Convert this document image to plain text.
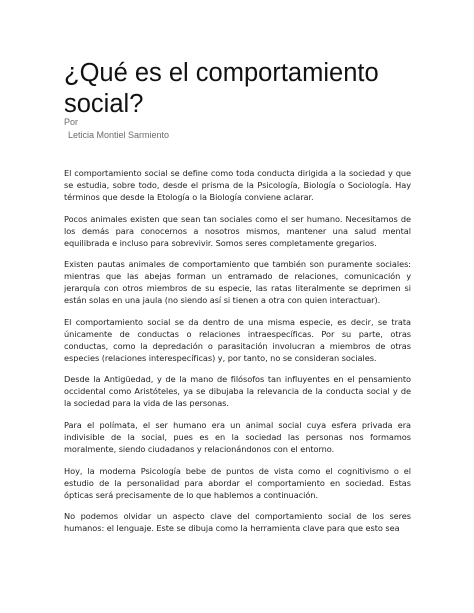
¿Qué es el comportamiento social?
Por
Leticia Montiel Sarmiento

El comportamiento social se define como toda conducta dirigida a la sociedad y que se estudia, sobre todo, desde el prisma de la Psicología, Biología o Sociología. Hay términos que desde la Etología o la Biología conviene aclarar.

Pocos animales existen que sean tan sociales como el ser humano. Necesitamos de los demás para conocernos a nosotros mismos, mantener una salud mental equilibrada e incluso para sobrevivir. Somos seres completamente gregarios.

Existen pautas animales de comportamiento que también son puramente sociales: mientras que las abejas forman un entramado de relaciones, comunicación y jerarquía con otros miembros de su especie, las ratas literalmente se deprimen si están solas en una jaula (no siendo así si tienen a otra con quien interactuar).

El comportamiento social se da dentro de una misma especie, es decir, se trata únicamente de conductas o relaciones intraespecíficas. Por su parte, otras conductas, como la depredación o parasitación involucran a miembros de otras especies (relaciones interespecíficas) y, por tanto, no se consideran sociales.

Desde la Antigüedad, y de la mano de filósofos tan influyentes en el pensamiento occidental como Aristóteles, ya se dibujaba la relevancia de la conducta social y de la sociedad para la vida de las personas.

Para el polímata, el ser humano era un animal social cuya esfera privada era indivisible de la social, pues es en la sociedad las personas nos formamos moralmente, siendo ciudadanos y relacionándonos con el entorno.

Hoy, la moderna Psicología bebe de puntos de vista como el cognitivismo o el estudio de la personalidad para abordar el comportamiento en sociedad. Estas ópticas será precisamente de lo que hablemos a continuación.

No podemos olvidar un aspecto clave del comportamiento social de los seres humanos: el lenguaje. Este se dibuja como la herramienta clave para que esto sea
